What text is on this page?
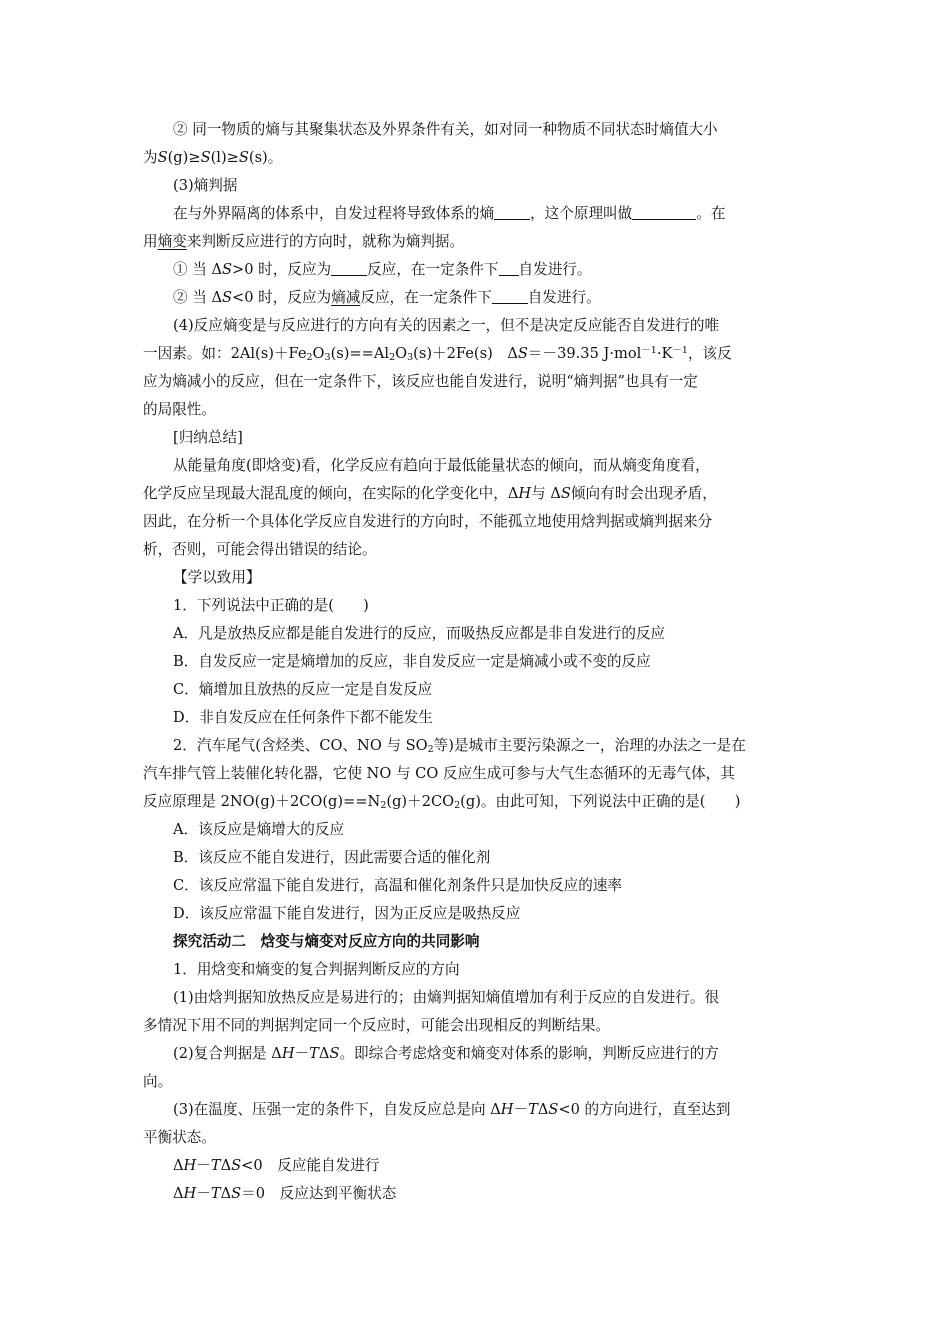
② 同一物质的熵与其聚集状态及外界条件有关，如对同一种物质不同状态时熵值大小
为S(g)≥S(l)≥S(s)。
(3)熵判据
在与外界隔离的体系中，自发过程将导致体系的熵 ，这个原理叫做	。在
用熵变来判断反应进行的方向时，就称为熵判据。
① 当 ΔS>0 时，反应为 反应，在一定条件下 自发进行。
② 当 ΔS<0 时，反应为熵减反应，在一定条件下 自发进行。
(4)反应熵变是与反应进行的方向有关的因素之一，但不是决定反应能否自发进行的唯
一因素。如：$2Al(s)+Fe_2O_3(s)==Al_2O_3(s)+2Fe(s)$　ΔS＝－39.35 $J\cdot mol^{-1}\cdot K^{-1}$，该反
应为熵减小的反应，但在一定条件下，该反应也能自发进行，说明“熵判据”也具有一定
的局限性。
[归纳总结]
从能量角度(即焓变)看，化学反应有趋向于最低能量状态的倾向，而从熵变角度看，
化学反应呈现最大混乱度的倾向，在实际的化学变化中，ΔH与 ΔS倾向有时会出现矛盾，
因此，在分析一个具体化学反应自发进行的方向时，不能孤立地使用焓判据或熵判据来分
析，否则，可能会得出错误的结论。
【学以致用】
1．下列说法中正确的是(　　)
A．凡是放热反应都是能自发进行的反应，而吸热反应都是非自发进行的反应
B．自发反应一定是熵增加的反应，非自发反应一定是熵减小或不变的反应
C．熵增加且放热的反应一定是自发反应
D．非自发反应在任何条件下都不能发生
2．汽车尾气(含烃类、CO、NO 与 $SO_2$等)是城市主要污染源之一，治理的办法之一是在
汽车排气管上装催化转化器，它使 NO 与 CO 反应生成可参与大气生态循环的无毒气体，其
反应原理是 $2NO(g)+2CO(g)==N_2(g)+2CO_2(g)$。由此可知，下列说法中正确的是(　　)
A．该反应是熵增大的反应
B．该反应不能自发进行，因此需要合适的催化剂
C．该反应常温下能自发进行，高温和催化剂条件只是加快反应的速率
D．该反应常温下能自发进行，因为正反应是吸热反应
探究活动二　焓变与熵变对反应方向的共同影响
1．用焓变和熵变的复合判据判断反应的方向
(1)由焓判据知放热反应是易进行的；由熵判据知熵值增加有利于反应的自发进行。很
多情况下用不同的判据判定同一个反应时，可能会出现相反的判断结果。
(2)复合判据是 ΔH－TΔS。即综合考虑焓变和熵变对体系的影响，判断反应进行的方
向。
(3)在温度、压强一定的条件下，自发反应总是向 ΔH－TΔS<0 的方向进行，直至达到
平衡状态。
ΔH－TΔS<0　反应能自发进行
ΔH－TΔS＝0　反应达到平衡状态
